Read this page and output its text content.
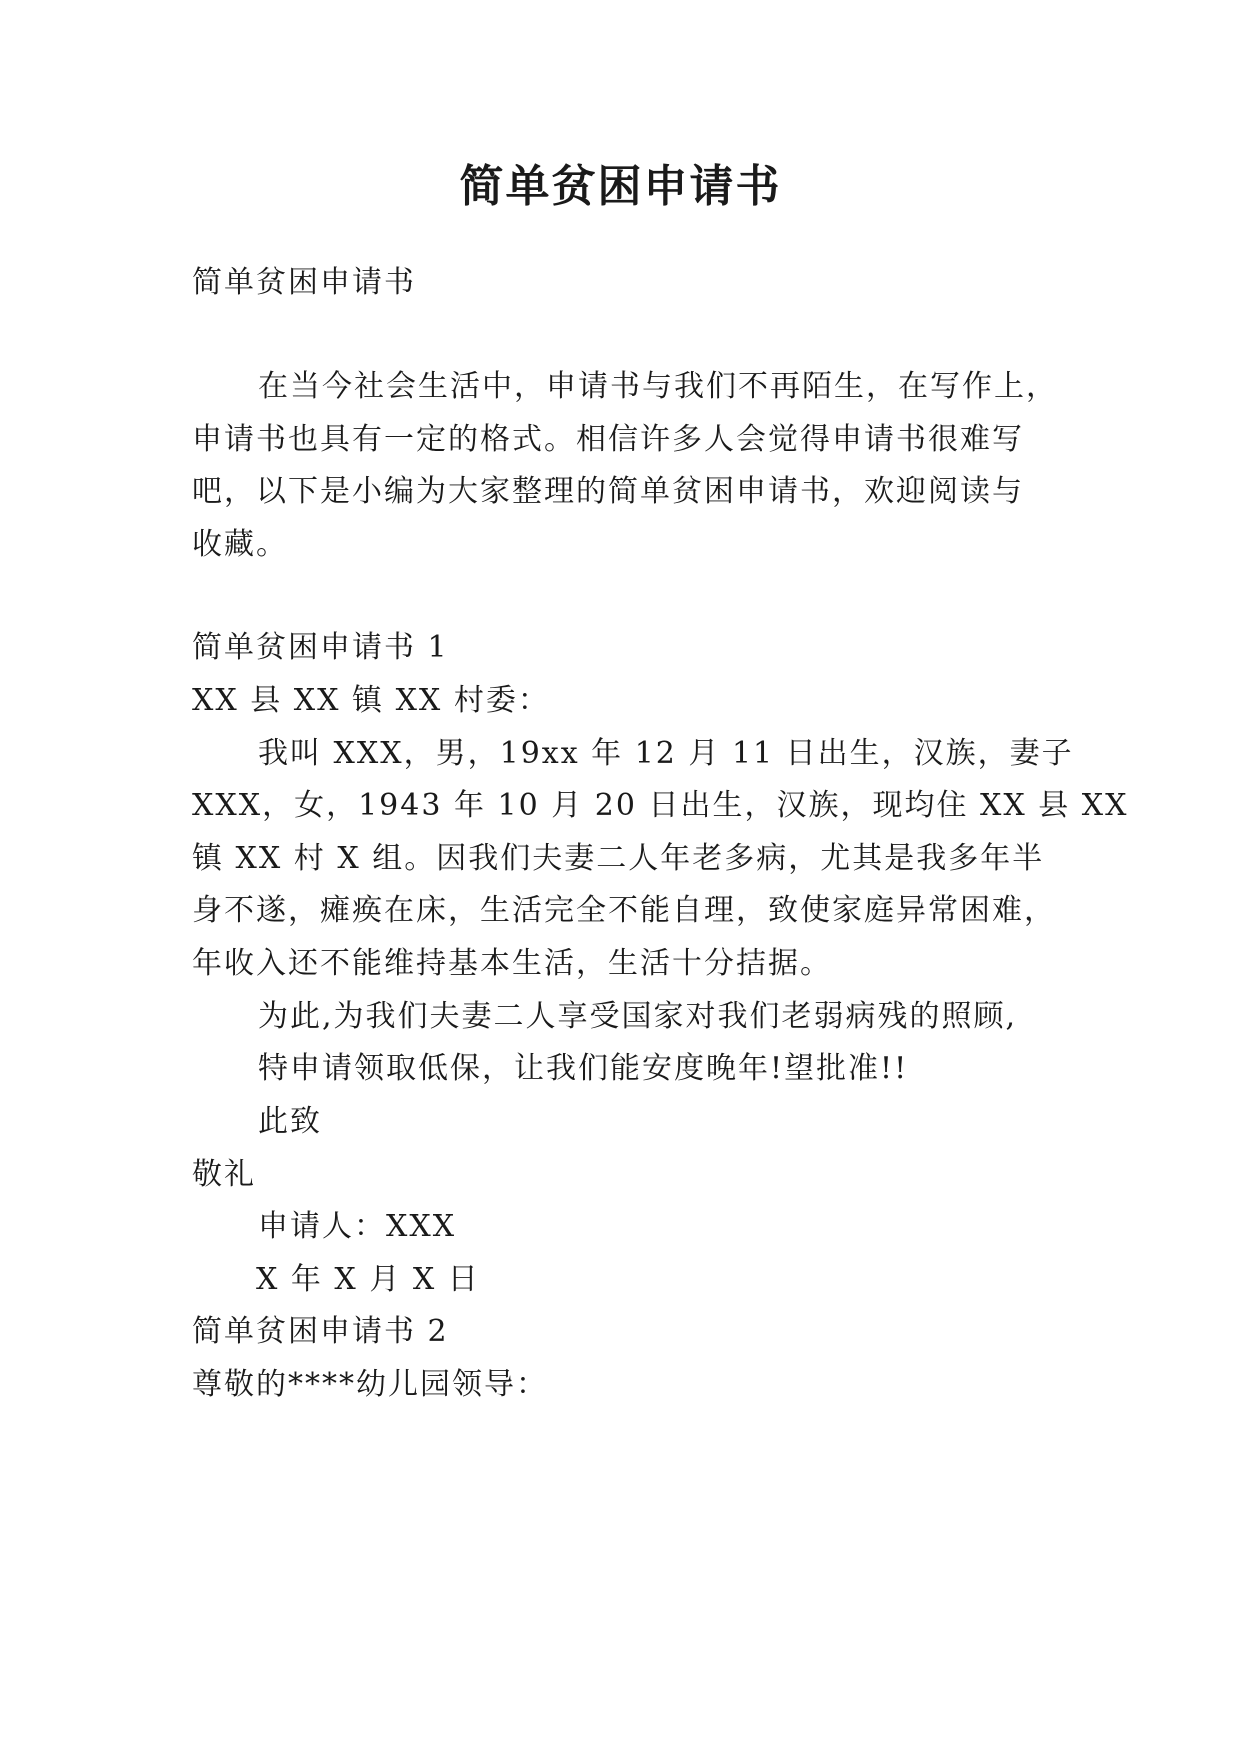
简单贫困申请书
简单贫困申请书
在当今社会生活中，申请书与我们不再陌生，在写作上，
申请书也具有一定的格式。相信许多人会觉得申请书很难写
吧，以下是小编为大家整理的简单贫困申请书，欢迎阅读与
收藏。
简单贫困申请书 1
XX 县 XX 镇 XX 村委：
我叫 XXX，男，19xx 年 12 月 11 日出生，汉族，妻子
XXX，女，1943 年 10 月 20 日出生，汉族，现均住 XX 县 XX
镇 XX 村 X 组。因我们夫妻二人年老多病，尤其是我多年半
身不遂，瘫痪在床，生活完全不能自理，致使家庭异常困难，
年收入还不能维持基本生活，生活十分拮据。
为此,为我们夫妻二人享受国家对我们老弱病残的照顾,
特申请领取低保，让我们能安度晚年!望批准!!
此致
敬礼
申请人：XXX
X 年 X 月 X 日
简单贫困申请书 2
尊敬的****幼儿园领导：
